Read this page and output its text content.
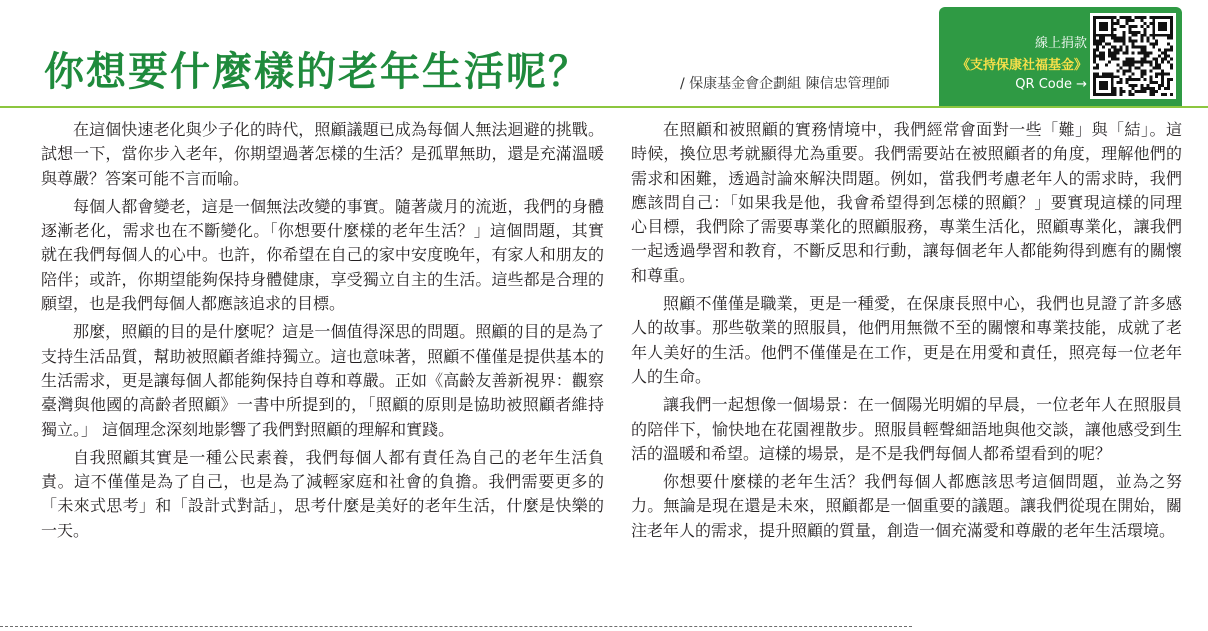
你想要什麼樣的老年生活呢？	/ 保康基金會企劃組 陳信忠管理師
線上捐款
《支持保康社福基金》
QR Code →

在這個快速老化與少子化的時代，照顧議題已成為每個人無法迴避的挑戰。試想一下，當你步入老年，你期望過著怎樣的生活？是孤單無助，還是充滿溫暖與尊嚴？答案可能不言而喻。

每個人都會變老，這是一個無法改變的事實。隨著歲月的流逝，我們的身體逐漸老化，需求也在不斷變化。「你想要什麼樣的老年生活？」這個問題，其實就在我們每個人的心中。也許，你希望在自己的家中安度晚年，有家人和朋友的陪伴；或許，你期望能夠保持身體健康，享受獨立自主的生活。這些都是合理的願望，也是我們每個人都應該追求的目標。

那麼，照顧的目的是什麼呢？這是一個值得深思的問題。照顧的目的是為了支持生活品質，幫助被照顧者維持獨立。這也意味著，照顧不僅僅是提供基本的生活需求，更是讓每個人都能夠保持自尊和尊嚴。正如《高齡友善新視界：觀察臺灣與他國的高齡者照顧》一書中所提到的，「照顧的原則是協助被照顧者維持獨立。」 這個理念深刻地影響了我們對照顧的理解和實踐。

自我照顧其實是一種公民素養，我們每個人都有責任為自己的老年生活負責。這不僅僅是為了自己，也是為了減輕家庭和社會的負擔。我們需要更多的「未來式思考」和「設計式對話」，思考什麼是美好的老年生活，什麼是快樂的一天。

在照顧和被照顧的實務情境中，我們經常會面對一些「難」與「結」。這時候，換位思考就顯得尤為重要。我們需要站在被照顧者的角度，理解他們的需求和困難，透過討論來解決問題。例如，當我們考慮老年人的需求時，我們應該問自己：「如果我是他，我會希望得到怎樣的照顧？」要實現這樣的同理心目標，我們除了需要專業化的照顧服務，專業生活化，照顧專業化，讓我們一起透過學習和教育，不斷反思和行動，讓每個老年人都能夠得到應有的關懷和尊重。

照顧不僅僅是職業，更是一種愛，在保康長照中心，我們也見證了許多感人的故事。那些敬業的照服員，他們用無微不至的關懷和專業技能，成就了老年人美好的生活。他們不僅僅是在工作，更是在用愛和責任，照亮每一位老年人的生命。

讓我們一起想像一個場景：在一個陽光明媚的早晨，一位老年人在照服員的陪伴下，愉快地在花園裡散步。照服員輕聲細語地與他交談，讓他感受到生活的溫暖和希望。這樣的場景，是不是我們每個人都希望看到的呢？

你想要什麼樣的老年生活？我們每個人都應該思考這個問題，並為之努力。無論是現在還是未來，照顧都是一個重要的議題。讓我們從現在開始，關注老年人的需求，提升照顧的質量，創造一個充滿愛和尊嚴的老年生活環境。
